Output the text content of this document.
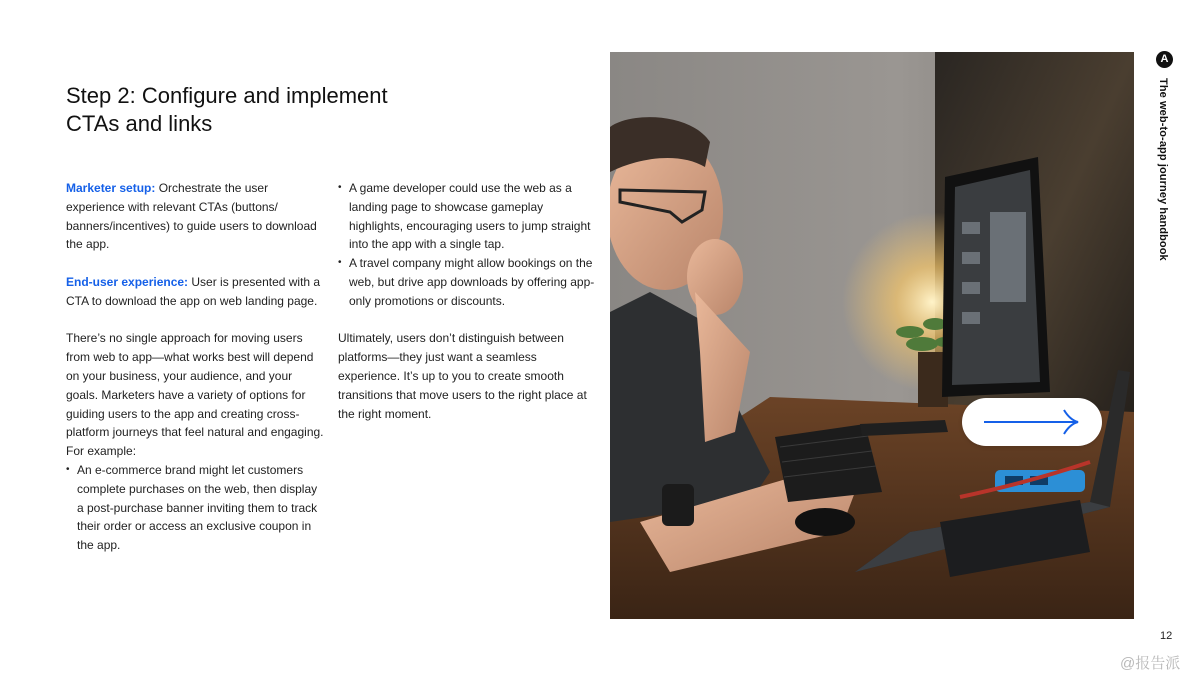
Step 2: Configure and implement CTAs and links

Marketer setup: Orchestrate the user experience with relevant CTAs (buttons/ banners/incentives) to guide users to download the app.

End-user experience: User is presented with a CTA to download the app on web landing page.

There’s no single approach for moving users from web to app—what works best will depend on your business, your audience, and your goals. Marketers have a variety of options for guiding users to the app and creating cross-platform journeys that feel natural and engaging. For example:

• An e-commerce brand might let customers complete purchases on the web, then display a post-purchase banner inviting them to track their order or access an exclusive coupon in the app.
• A game developer could use the web as a landing page to showcase gameplay highlights, encouraging users to jump straight into the app with a single tap.
• A travel company might allow bookings on the web, but drive app downloads by offering app-only promotions or discounts.

Ultimately, users don’t distinguish between platforms—they just want a seamless experience. It’s up to you to create smooth transitions that move users to the right place at the right moment.

A
The web-to-app journey handbook
12
@报告派
